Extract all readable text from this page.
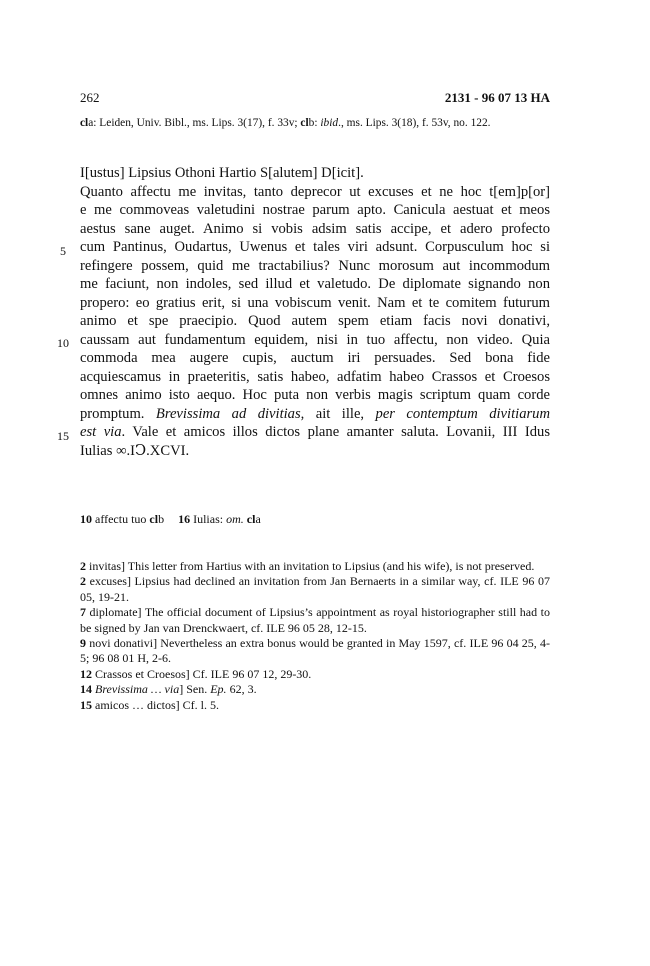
262	2131 - 96 07 13 HA
cla: Leiden, Univ. Bibl., ms. Lips. 3(17), f. 33v; clb: ibid., ms. Lips. 3(18), f. 53v, no. 122.
I[ustus] Lipsius Othoni Hartio S[alutem] D[icit].
Quanto affectu me invitas, tanto deprecor ut excuses et ne hoc t[em]p[or]
e me commoveas valetudini nostrae parum apto. Canicula aestuat et meos
aestus sane auget. Animo si vobis adsim satis accipe, et adero profecto
cum Pantinus, Oudartus, Uwenus et tales viri adsunt. Corpusculum hoc si
refingere possem, quid me tractabilius? Nunc morosum aut incommodum
me faciunt, non indoles, sed illud et valetudo. De diplomate signando non
propero: eo gratius erit, si una vobiscum venit. Nam et te comitem futurum
animo et spe praecipio. Quod autem spem etiam facis novi donativi,
caussam aut fundamentum equidem, nisi in tuo affectu, non video. Quia
commoda mea augere cupis, auctum iri persuades. Sed bona fide
acquiescamus in praeteritis, satis habeo, adfatim habeo Crassos et Croesos
omnes animo isto aequo. Hoc puta non verbis magis scriptum quam corde
promptum. Brevissima ad divitias, ait ille, per contemptum divitiarum
est via. Vale et amicos illos dictos plane amanter saluta. Lovanii, III Idus
Iulias ∞.IↃ.XCVI.
5
10
15
10 affectu tuo clb 16 Iulias: om. cla
2 invitas] This letter from Hartius with an invitation to Lipsius (and his wife), is not preserved.
2 excuses] Lipsius had declined an invitation from Jan Bernaerts in a similar way, cf. ILE 96 07 05, 19-21.
7 diplomate] The official document of Lipsius’s appointment as royal historiographer still had to be signed by Jan van Drenckwaert, cf. ILE 96 05 28, 12-15.
9 novi donativi] Nevertheless an extra bonus would be granted in May 1597, cf. ILE 96 04 25, 4-5; 96 08 01 H, 2-6.
12 Crassos et Croesos] Cf. ILE 96 07 12, 29-30.
14 Brevissima … via] Sen. Ep. 62, 3.
15 amicos … dictos] Cf. l. 5.
